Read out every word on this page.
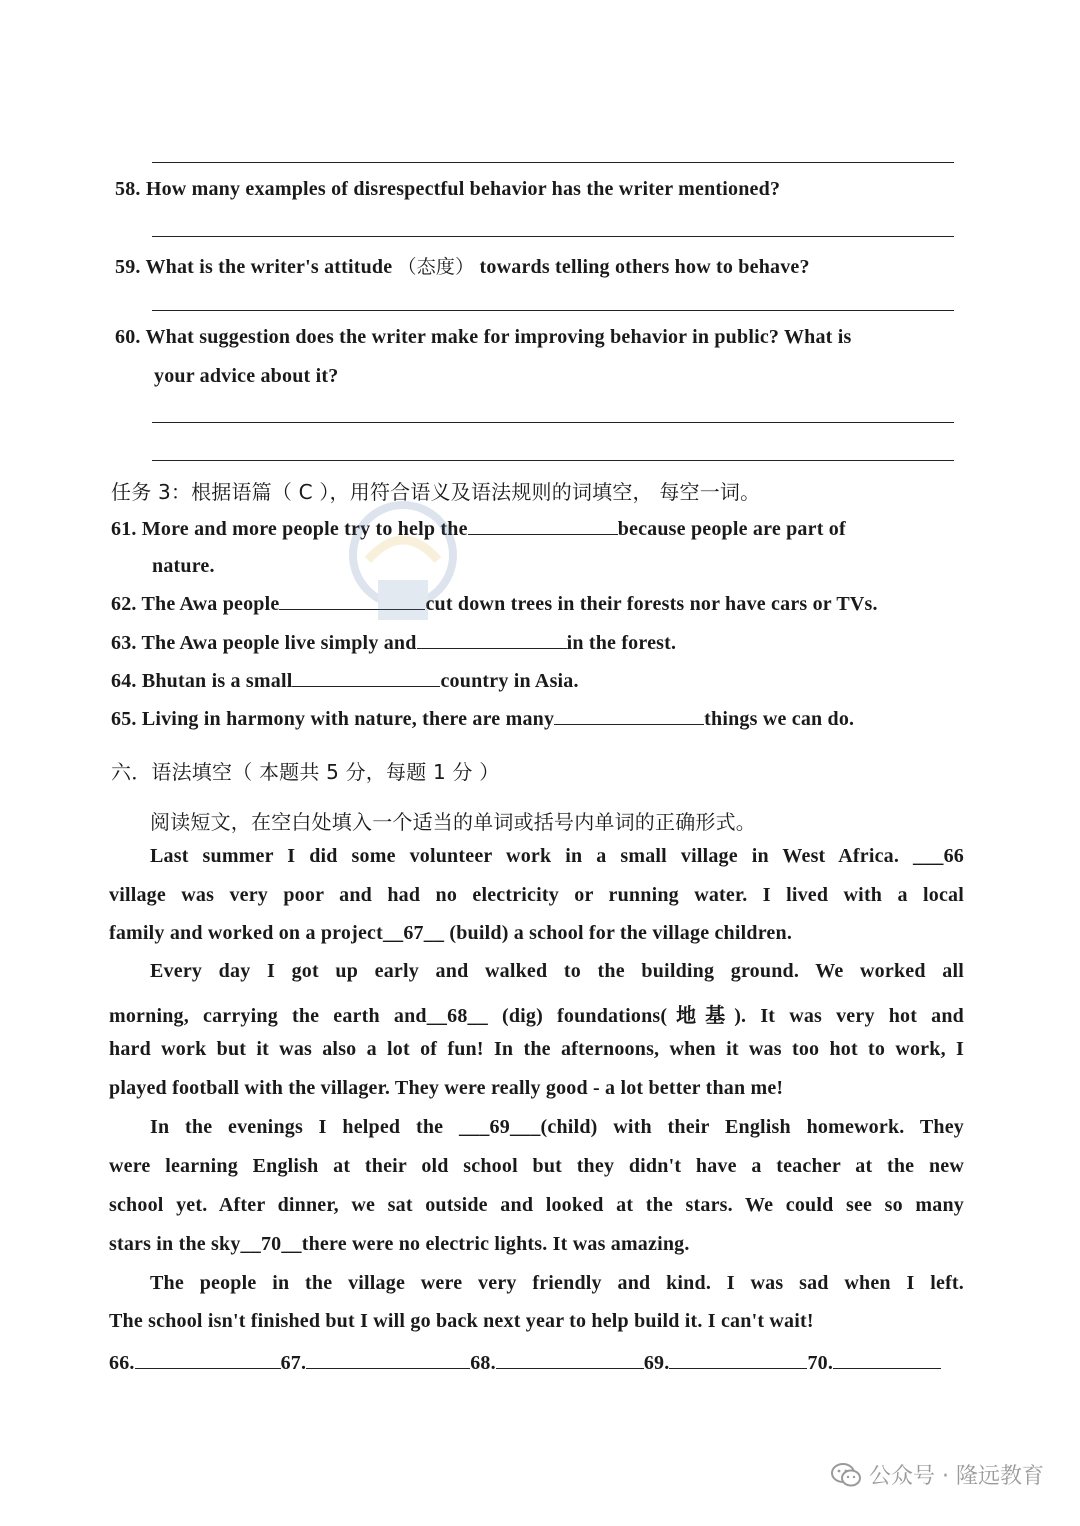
58. How many examples of disrespectful behavior has the writer mentioned?
59. What is the writer's attitude （态度） towards telling others how to behave?
60. What suggestion does the writer make for improving behavior in public? What is
your advice about it?
任务 3：根据语篇（ C ），用符合语义及语法规则的词填空， 每空一词。
61. More and more people try to help the	because people are part of
nature.
62. The Awa people	cut down trees in their forests nor have cars or TVs.
63. The Awa people live simply and	in the forest.
64. Bhutan is a small	country in Asia.
65. Living in harmony with nature, there are many	things we can do.
六．语法填空（ 本题共 5 分，每题 1 分 ）
阅读短文，在空白处填入一个适当的单词或括号内单词的正确形式。
Last summer I did some volunteer work in a small village in West Africa. ___66
village was very poor and had no electricity or running water. I lived with a local
family and worked on a project__67__ (build) a school for the village children.
Every day I got up early and walked to the building ground. We worked all
morning, carrying the earth and__68__ (dig) foundations(地基). It was very hot and
hard work but it was also a lot of fun! In the afternoons, when it was too hot to work, I
played football with the villager. They were really good - a lot better than me!
In the evenings I helped the ___69___(child) with their English homework. They
were learning English at their old school but they didn't have a teacher at the new
school yet. After dinner, we sat outside and looked at the stars. We could see so many
stars in the sky__70__there were no electric lights. It was amazing.
The people in the village were very friendly and kind. I was sad when I left.
The school isn't finished but I will go back next year to help build it. I can't wait!
66.	67.	68.	69.	70.
公众号 · 隆远教育
